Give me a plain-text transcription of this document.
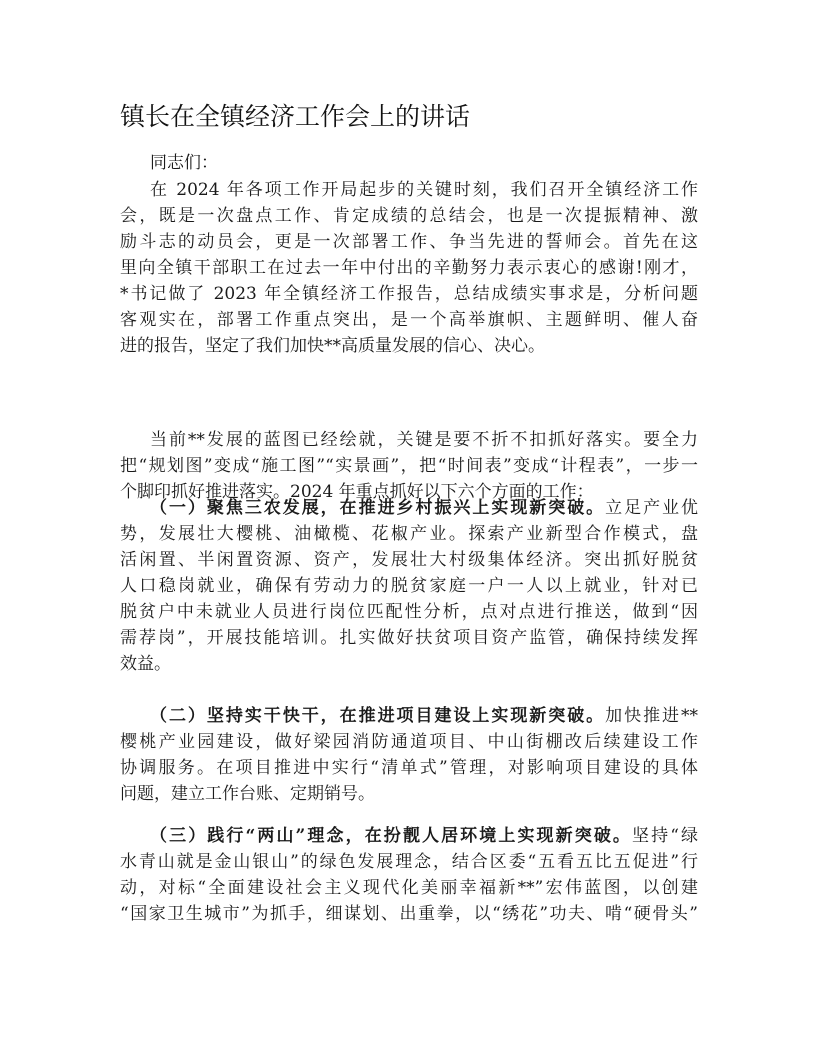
镇长在全镇经济工作会上的讲话

同志们：

在 2024 年各项工作开局起步的关键时刻，我们召开全镇经济工作
会，既是一次盘点工作、肯定成绩的总结会，也是一次提振精神、激
励斗志的动员会，更是一次部署工作、争当先进的誓师会。首先在这
里向全镇干部职工在过去一年中付出的辛勤努力表示衷心的感谢!刚才，
*书记做了 2023 年全镇经济工作报告，总结成绩实事求是，分析问题
客观实在，部署工作重点突出，是一个高举旗帜、主题鲜明、催人奋
进的报告，坚定了我们加快**高质量发展的信心、决心。

当前**发展的蓝图已经绘就，关键是要不折不扣抓好落实。要全力
把“规划图”变成“施工图”“实景画”，把“时间表”变成“计程表”，一步一
个脚印抓好推进落实。2024 年重点抓好以下六个方面的工作：

（一）聚焦三农发展，在推进乡村振兴上实现新突破。立足产业优
势，发展壮大樱桃、油橄榄、花椒产业。探索产业新型合作模式，盘
活闲置、半闲置资源、资产，发展壮大村级集体经济。突出抓好脱贫
人口稳岗就业，确保有劳动力的脱贫家庭一户一人以上就业，针对已
脱贫户中未就业人员进行岗位匹配性分析，点对点进行推送，做到“因
需荐岗”，开展技能培训。扎实做好扶贫项目资产监管，确保持续发挥
效益。

（二）坚持实干快干，在推进项目建设上实现新突破。加快推进**
樱桃产业园建设，做好梁园消防通道项目、中山街棚改后续建设工作
协调服务。在项目推进中实行“清单式”管理，对影响项目建设的具体
问题，建立工作台账、定期销号。

（三）践行“两山”理念，在扮靓人居环境上实现新突破。坚持“绿
水青山就是金山银山”的绿色发展理念，结合区委“五看五比五促进”行
动，对标“全面建设社会主义现代化美丽幸福新**”宏伟蓝图，以创建
“国家卫生城市”为抓手，细谋划、出重拳，以“绣花”功夫、啃“硬骨头”
